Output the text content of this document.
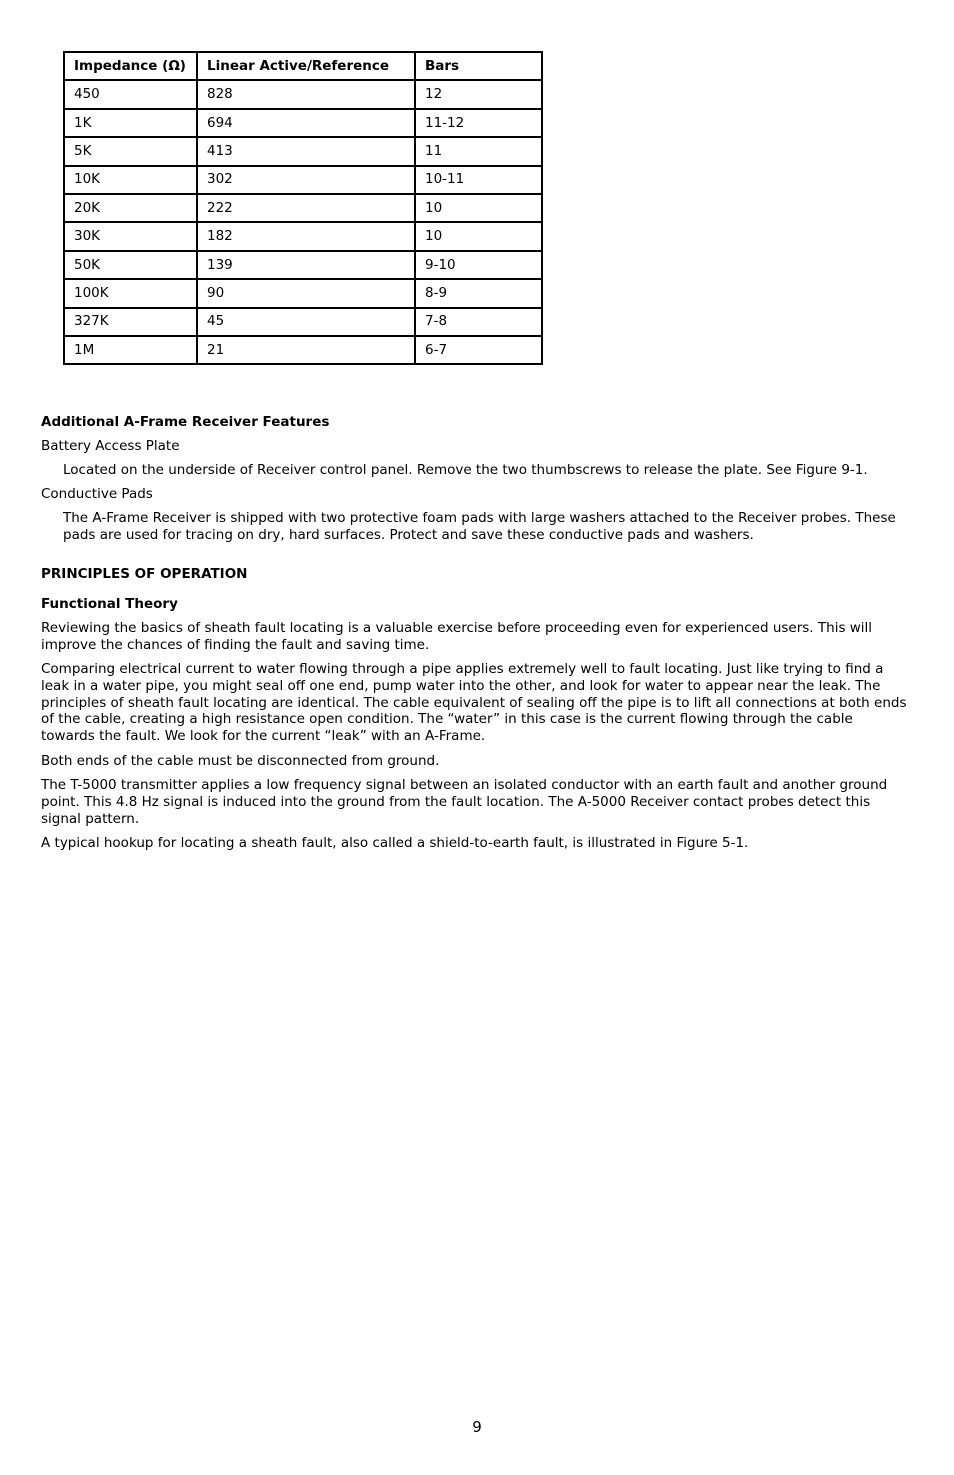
Impedance (Ω)	Linear Active/Reference	Bars
450	828	12
1K	694	11-12
5K	413	11
10K	302	10-11
20K	222	10
30K	182	10
50K	139	9-10
100K	90	8-9
327K	45	7-8
1M	21	6-7

Additional A-Frame Receiver Features

Battery Access Plate

Located on the underside of Receiver control panel. Remove the two thumbscrews to release the plate. See Figure 9-1.

Conductive Pads

The A-Frame Receiver is shipped with two protective foam pads with large washers attached to the Receiver probes. These pads are used for tracing on dry, hard surfaces. Protect and save these conductive pads and washers.

PRINCIPLES OF OPERATION

Functional Theory

Reviewing the basics of sheath fault locating is a valuable exercise before proceeding even for experienced users. This will improve the chances of finding the fault and saving time.

Comparing electrical current to water flowing through a pipe applies extremely well to fault locating. Just like trying to find a leak in a water pipe, you might seal off one end, pump water into the other, and look for water to appear near the leak. The principles of sheath fault locating are identical. The cable equivalent of sealing off the pipe is to lift all connections at both ends of the cable, creating a high resistance open condition. The “water” in this case is the current flowing through the cable towards the fault. We look for the current “leak” with an A-Frame.

Both ends of the cable must be disconnected from ground.

The T-5000 transmitter applies a low frequency signal between an isolated conductor with an earth fault and another ground point. This 4.8 Hz signal is induced into the ground from the fault location. The A-5000 Receiver contact probes detect this signal pattern.

A typical hookup for locating a sheath fault, also called a shield-to-earth fault, is illustrated in Figure 5-1.

9
